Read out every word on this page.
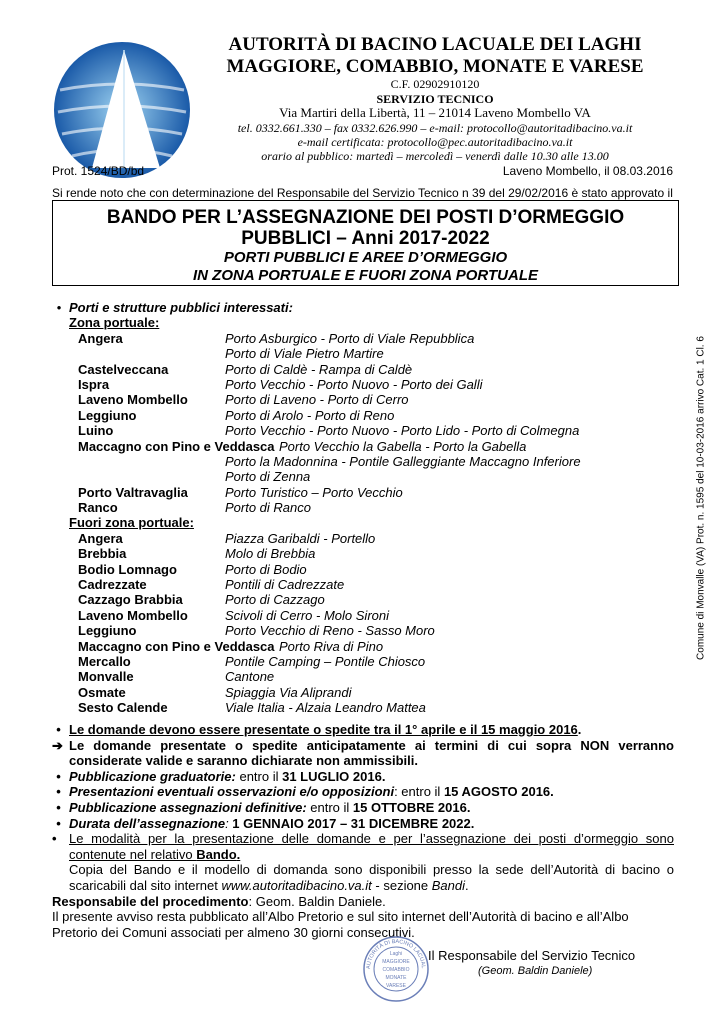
AUTORITÀ DI BACINO LACUALE DEI LAGHI
MAGGIORE, COMABBIO, MONATE E VARESE
C.F. 02902910120
SERVIZIO TECNICO
Via Martiri della Libertà, 11 – 21014 Laveno Mombello VA
tel. 0332.661.330 – fax 0332.626.990 – e-mail: protocollo@autoritadibacino.va.it
e-mail certificata: protocollo@pec.autoritadibacino.va.it
orario al pubblico: martedì – mercoledì – venerdì dalle 10.30 alle 13.00
Prot. 1524/BD/bd	Laveno Mombello, il 08.03.2016
Si rende noto che con determinazione del Responsabile del Servizio Tecnico n 39 del 29/02/2016 è stato approvato il
BANDO PER L’ASSEGNAZIONE DEI POSTI D’ORMEGGIO
PUBBLICI – Anni 2017-2022
PORTI PUBBLICI E AREE D’ORMEGGIO
IN ZONA PORTUALE E FUORI ZONA PORTUALE
Comune di Monvalle (VA) Prot. n. 1595 del 10-03-2016 arrivo Cat. 1 Cl. 6
• Porti e strutture pubblici interessati:
Zona portuale:
Angera	Porto Asburgico - Porto di Viale Repubblica
Porto di Viale Pietro Martire
Castelveccana	Porto di Caldè - Rampa di Caldè
Ispra	Porto Vecchio - Porto Nuovo - Porto dei Galli
Laveno Mombello	Porto di Laveno - Porto di Cerro
Leggiuno	Porto di Arolo - Porto di Reno
Luino	Porto Vecchio - Porto Nuovo - Porto Lido - Porto di Colmegna
Maccagno con Pino e Veddasca Porto Vecchio la Gabella - Porto la Gabella
Porto la Madonnina - Pontile Galleggiante Maccagno Inferiore
Porto di Zenna
Porto Valtravaglia	Porto Turistico – Porto Vecchio
Ranco	Porto di Ranco
Fuori zona portuale:
Angera	Piazza Garibaldi - Portello
Brebbia	Molo di Brebbia
Bodio Lomnago	Porto di Bodio
Cadrezzate	Pontili di Cadrezzate
Cazzago Brabbia	Porto di Cazzago
Laveno Mombello	Scivoli di Cerro - Molo Sironi
Leggiuno	Porto Vecchio di Reno - Sasso Moro
Maccagno con Pino e Veddasca Porto Riva di Pino
Mercallo	Pontile Camping – Pontile Chiosco
Monvalle	Cantone
Osmate	Spiaggia Via Aliprandi
Sesto Calende	Viale Italia - Alzaia Leandro Mattea
• Le domande devono essere presentate o spedite tra il 1° aprile e il 15 maggio 2016.
➔ Le domande presentate o spedite anticipatamente ai termini di cui sopra NON verranno considerate valide e saranno dichiarate non ammissibili.
• Pubblicazione graduatorie: entro il 31 LUGLIO 2016.
• Presentazioni eventuali osservazioni e/o opposizioni: entro il 15 AGOSTO 2016.
• Pubblicazione assegnazioni definitive: entro il 15 OTTOBRE 2016.
• Durata dell’assegnazione: 1 GENNAIO 2017 – 31 DICEMBRE 2022.
• Le modalità per la presentazione delle domande e per l’assegnazione dei posti d’ormeggio sono contenute nel relativo Bando.
Copia del Bando e il modello di domanda sono disponibili presso la sede dell’Autorità di bacino o scaricabili dal sito internet www.autoritadibacino.va.it - sezione Bandi.
Responsabile del procedimento: Geom. Baldin Daniele.
Il presente avviso resta pubblicato all’Albo Pretorio e sul sito internet dell’Autorità di bacino e all’Albo Pretorio dei Comuni associati per almeno 30 giorni consecutivi.
AUTORITÀ DI BACINO LACUAL
Laghi
MAGGIORE
COMABBIO
MONATE
VARESE
Il Responsabile del Servizio Tecnico
(Geom. Baldin Daniele)
